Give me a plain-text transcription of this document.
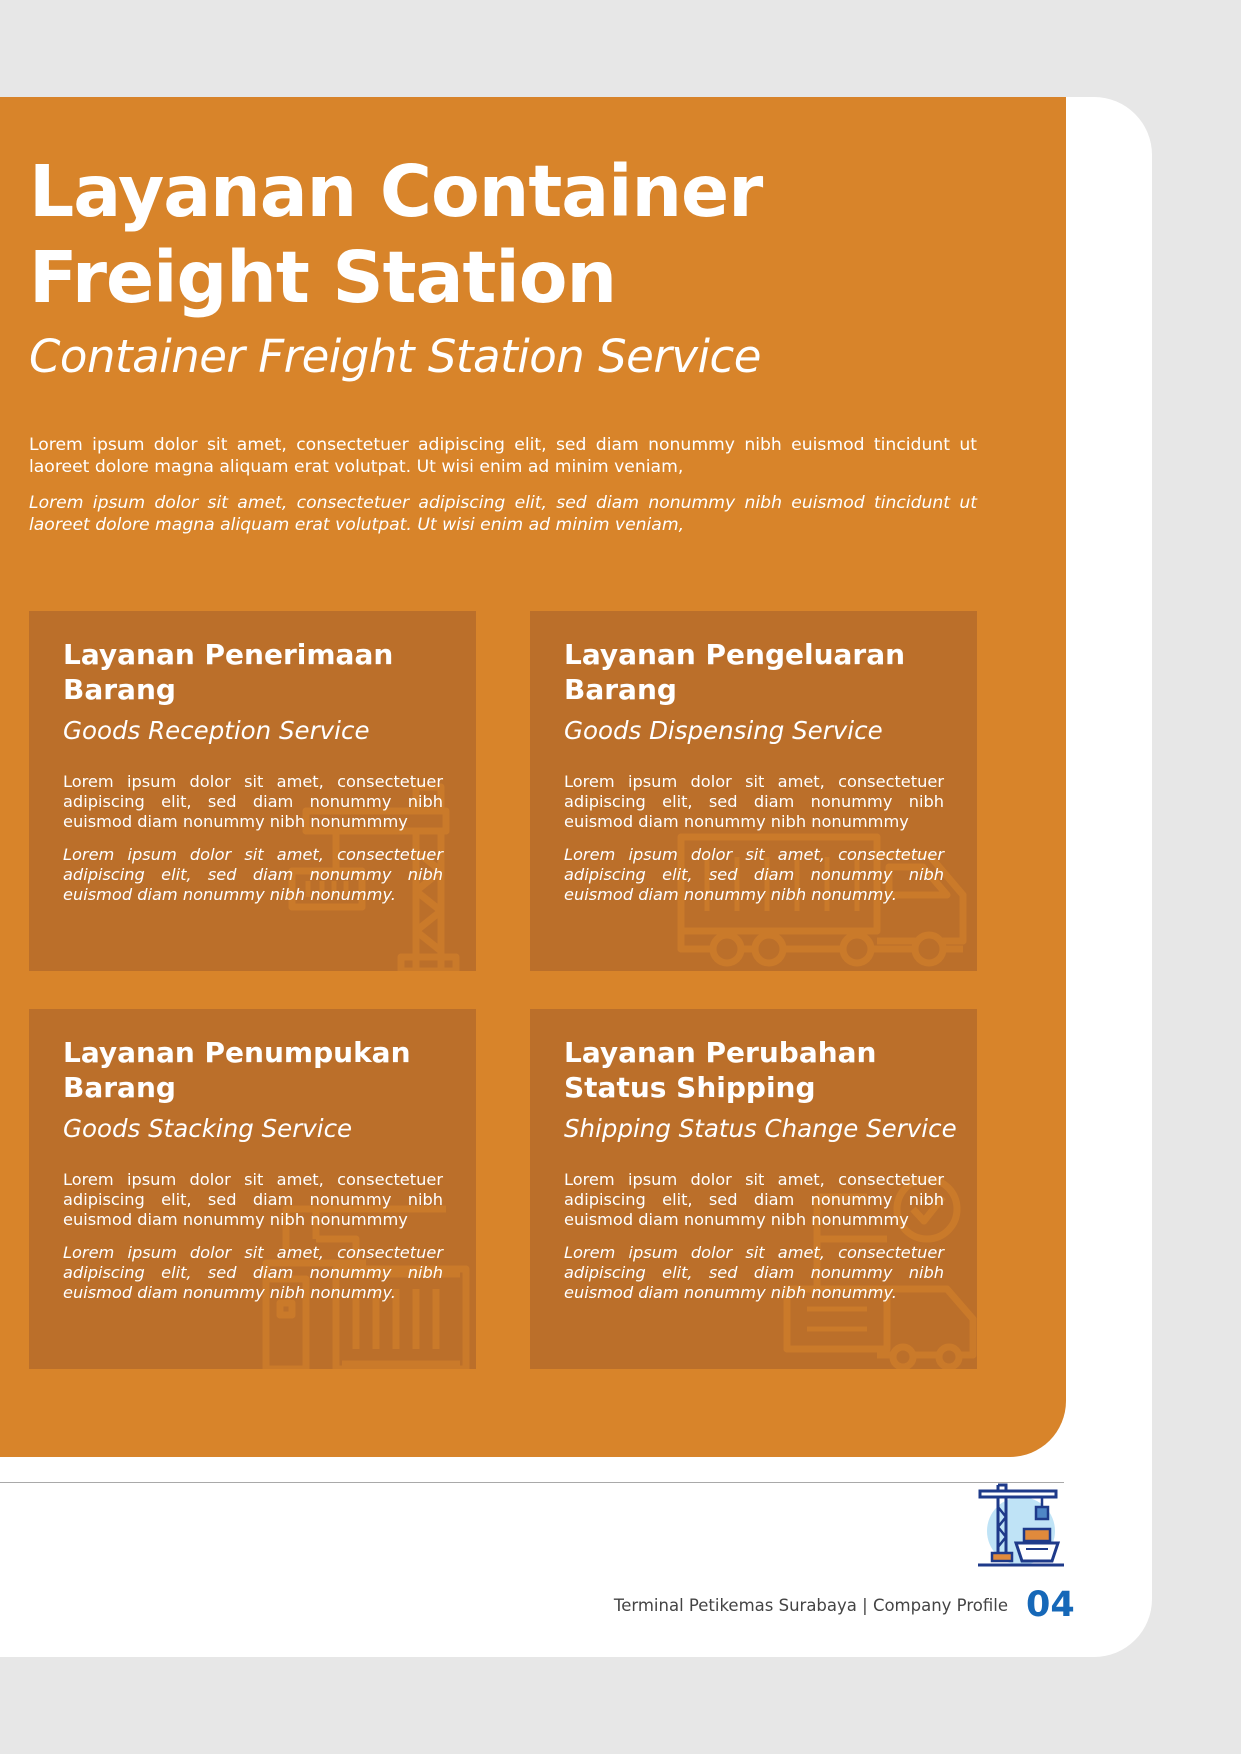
Layanan Container Freight Station
Container Freight Station Service

Lorem ipsum dolor sit amet, consectetuer adipiscing elit, sed diam nonummy nibh euismod tincidunt ut laoreet dolore magna aliquam erat volutpat. Ut wisi enim ad minim veniam,

Lorem ipsum dolor sit amet, consectetuer adipiscing elit, sed diam nonummy nibh euismod tincidunt ut laoreet dolore magna aliquam erat volutpat. Ut wisi enim ad minim veniam,

Layanan Penerimaan Barang
Goods Reception Service

Lorem ipsum dolor sit amet, consectetuer adipiscing elit, sed diam nonummy nibh euismod diam nonummy nibh nonummmy

Lorem ipsum dolor sit amet, consectetuer adipiscing elit, sed diam nonummy nibh euismod diam nonummy nibh nonummy.

Layanan Pengeluaran Barang
Goods Dispensing Service

Lorem ipsum dolor sit amet, consectetuer adipiscing elit, sed diam nonummy nibh euismod diam nonummy nibh nonummmy

Lorem ipsum dolor sit amet, consectetuer adipiscing elit, sed diam nonummy nibh euismod diam nonummy nibh nonummy.

Layanan Penumpukan Barang
Goods Stacking Service

Lorem ipsum dolor sit amet, consectetuer adipiscing elit, sed diam nonummy nibh euismod diam nonummy nibh nonummmy

Lorem ipsum dolor sit amet, consectetuer adipiscing elit, sed diam nonummy nibh euismod diam nonummy nibh nonummy.

Layanan Perubahan Status Shipping
Shipping Status Change Service

Lorem ipsum dolor sit amet, consectetuer adipiscing elit, sed diam nonummy nibh euismod diam nonummy nibh nonummmy

Lorem ipsum dolor sit amet, consectetuer adipiscing elit, sed diam nonummy nibh euismod diam nonummy nibh nonummy.

Terminal Petikemas Surabaya | Company Profile 04
